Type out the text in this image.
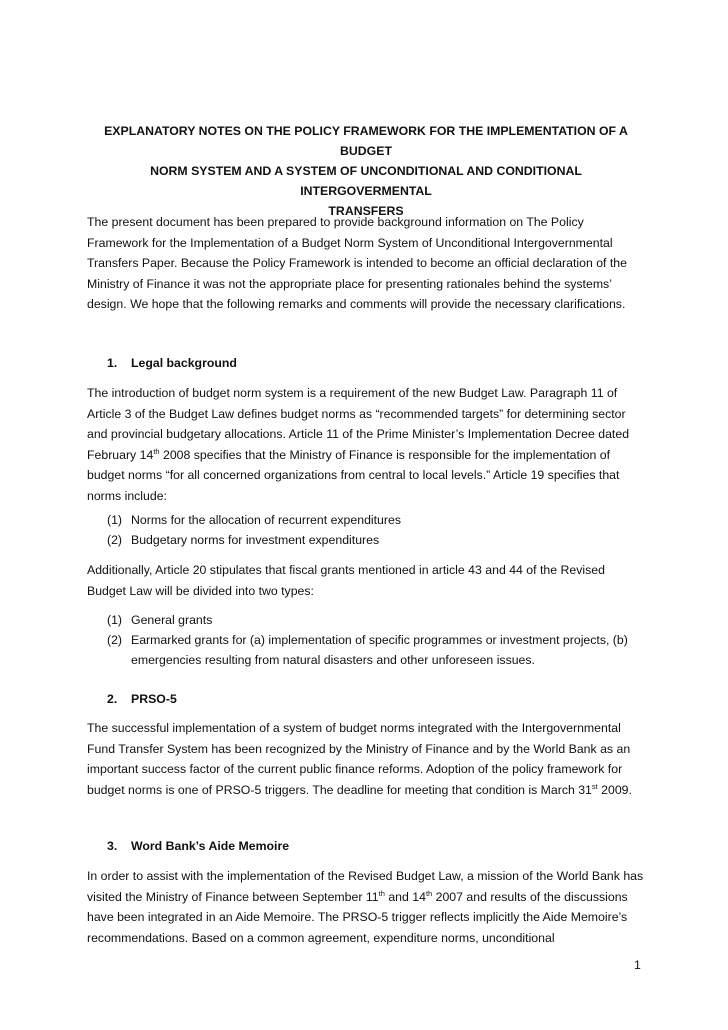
EXPLANATORY NOTES ON THE POLICY FRAMEWORK FOR THE IMPLEMENTATION OF A BUDGET
NORM SYSTEM AND A SYSTEM OF UNCONDITIONAL AND CONDITIONAL INTERGOVERMENTAL
TRANSFERS

The present document has been prepared to provide background information on The Policy Framework for the Implementation of a Budget Norm System of Unconditional Intergovernmental Transfers Paper. Because the Policy Framework is intended to become an official declaration of the Ministry of Finance it was not the appropriate place for presenting rationales behind the systems’ design. We hope that the following remarks and comments will provide the necessary clarifications.

1. Legal background

The introduction of budget norm system is a requirement of the new Budget Law. Paragraph 11 of Article 3 of the Budget Law defines budget norms as “recommended targets” for determining sector and provincial budgetary allocations. Article 11 of the Prime Minister’s Implementation Decree dated February 14th 2008 specifies that the Ministry of Finance is responsible for the implementation of budget norms “for all concerned organizations from central to local levels.” Article 19 specifies that norms include:

(1) Norms for the allocation of recurrent expenditures
(2) Budgetary norms for investment expenditures

Additionally, Article 20 stipulates that fiscal grants mentioned in article 43 and 44 of the Revised Budget Law will be divided into two types:

(1) General grants
(2) Earmarked grants for (a) implementation of specific programmes or investment projects, (b) emergencies resulting from natural disasters and other unforeseen issues.
2. PRSO-5

The successful implementation of a system of budget norms integrated with the Intergovernmental Fund Transfer System has been recognized by the Ministry of Finance and by the World Bank as an important success factor of the current public finance reforms. Adoption of the policy framework for budget norms is one of PRSO-5 triggers. The deadline for meeting that condition is March 31st 2009.

3. Word Bank’s Aide Memoire

In order to assist with the implementation of the Revised Budget Law, a mission of the World Bank has visited the Ministry of Finance between September 11th and 14th 2007 and results of the discussions have been integrated in an Aide Memoire. The PRSO-5 trigger reflects implicitly the Aide Memoire’s recommendations. Based on a common agreement, expenditure norms, unconditional

1
